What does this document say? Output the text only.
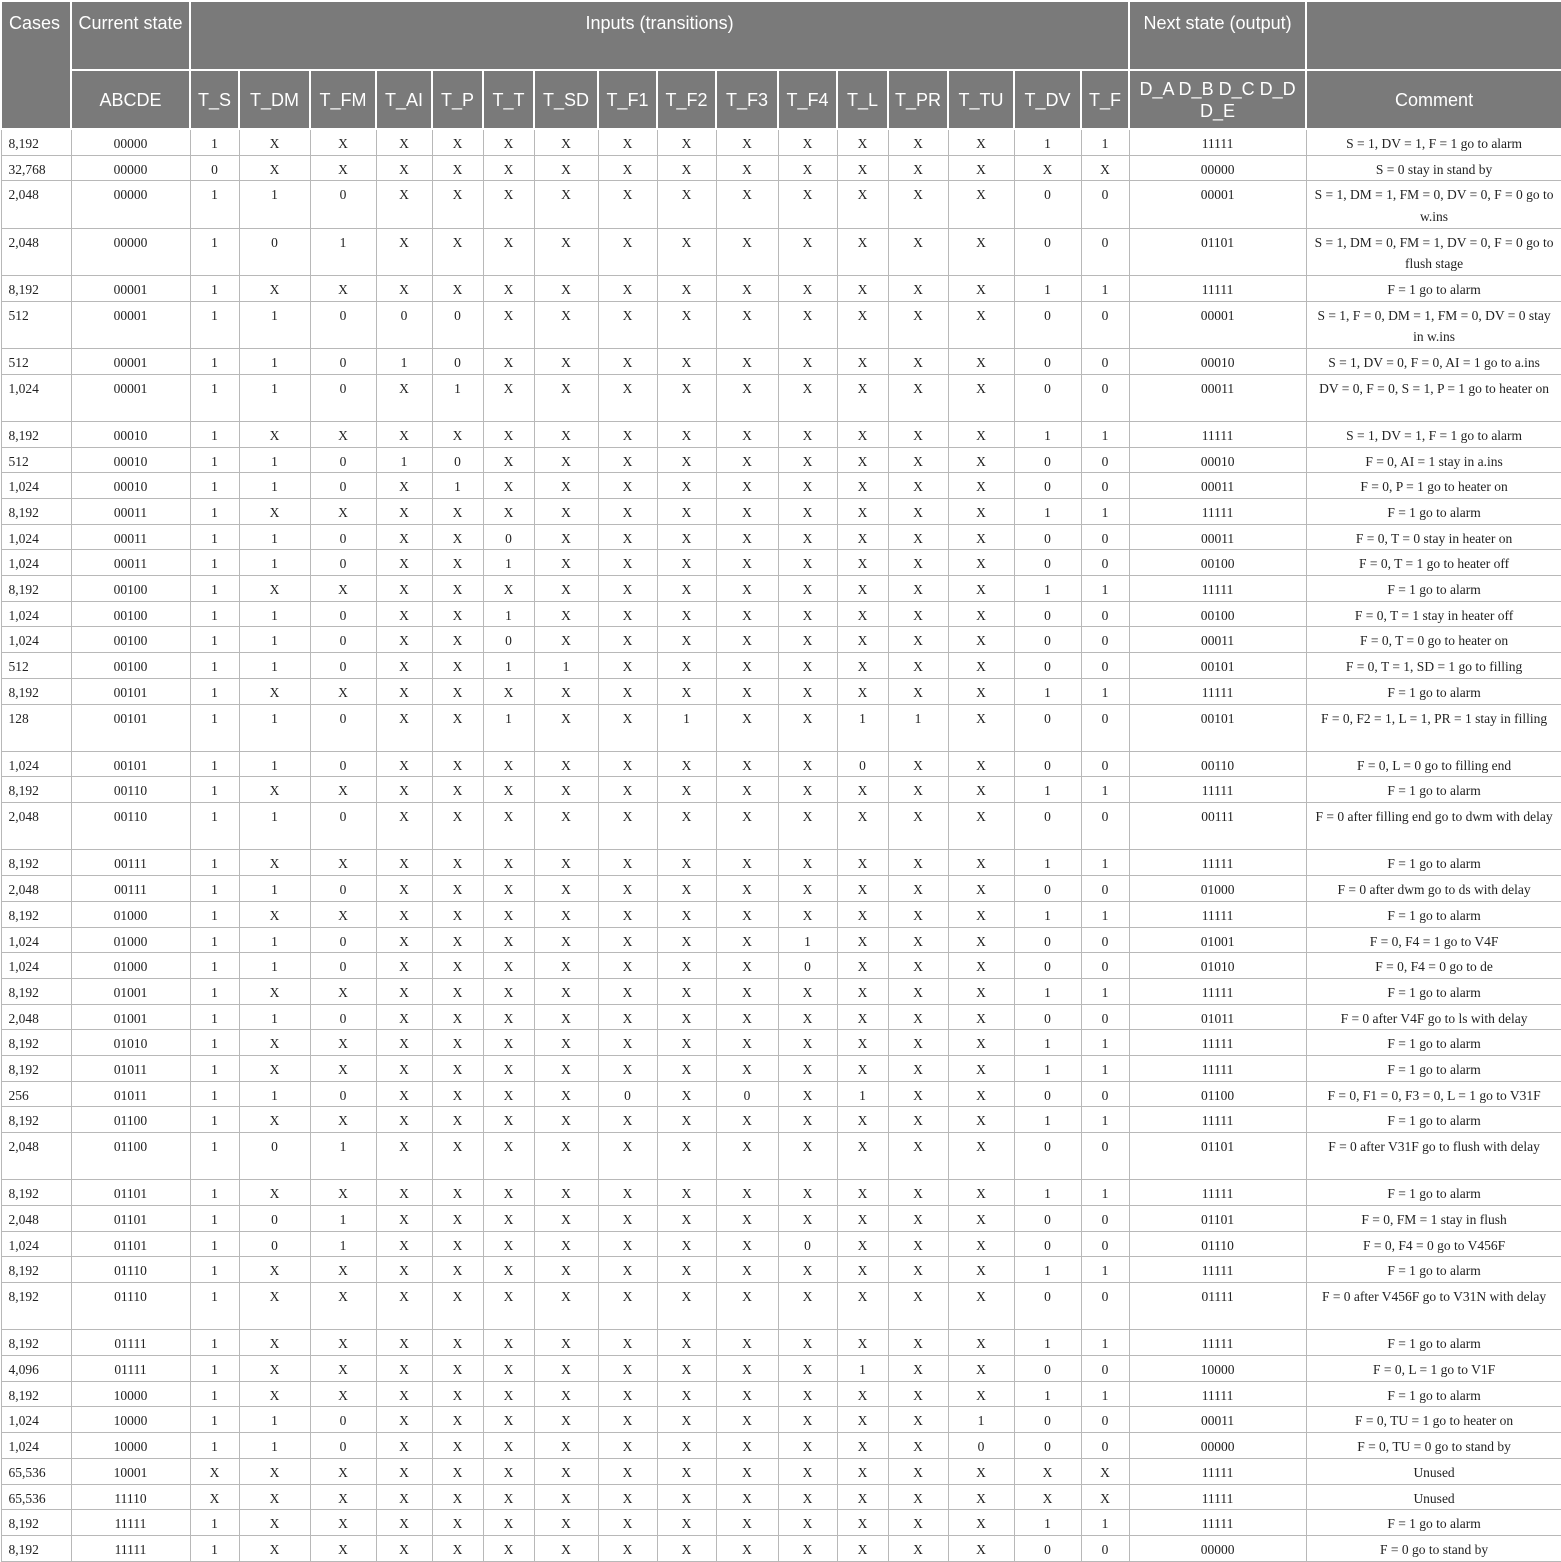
Cases	Current state	Inputs (transitions)																Next state (output)	
	ABCDE	T_S	T_DM	T_FM	T_AI	T_P	T_T	T_SD	T_F1	T_F2	T_F3	T_F4	T_L	T_PR	T_TU	T_DV	T_F	D_A D_B D_C D_D D_E	Comment
8,192	00000	1	X	X	X	X	X	X	X	X	X	X	X	X	X	1	1	11111	S = 1, DV = 1, F = 1 go to alarm
32,768	00000	0	X	X	X	X	X	X	X	X	X	X	X	X	X	X	X	00000	S = 0 stay in stand by
2,048	00000	1	1	0	X	X	X	X	X	X	X	X	X	X	X	0	0	00001	S = 1, DM = 1, FM = 0, DV = 0, F = 0 go to w.ins
2,048	00000	1	0	1	X	X	X	X	X	X	X	X	X	X	X	0	0	01101	S = 1, DM = 0, FM = 1, DV = 0, F = 0 go to flush stage
8,192	00001	1	X	X	X	X	X	X	X	X	X	X	X	X	X	1	1	11111	F = 1 go to alarm
512	00001	1	1	0	0	0	X	X	X	X	X	X	X	X	X	0	0	00001	S = 1, F = 0, DM = 1, FM = 0, DV = 0 stay in w.ins
512	00001	1	1	0	1	0	X	X	X	X	X	X	X	X	X	0	0	00010	S = 1, DV = 0, F = 0, AI = 1 go to a.ins
1,024	00001	1	1	0	X	1	X	X	X	X	X	X	X	X	X	0	0	00011	DV = 0, F = 0, S = 1, P = 1 go to heater on
8,192	00010	1	X	X	X	X	X	X	X	X	X	X	X	X	X	1	1	11111	S = 1, DV = 1, F = 1 go to alarm
512	00010	1	1	0	1	0	X	X	X	X	X	X	X	X	X	0	0	00010	F = 0, AI = 1 stay in a.ins
1,024	00010	1	1	0	X	1	X	X	X	X	X	X	X	X	X	0	0	00011	F = 0, P = 1 go to heater on
8,192	00011	1	X	X	X	X	X	X	X	X	X	X	X	X	X	1	1	11111	F = 1 go to alarm
1,024	00011	1	1	0	X	X	0	X	X	X	X	X	X	X	X	0	0	00011	F = 0, T = 0 stay in heater on
1,024	00011	1	1	0	X	X	1	X	X	X	X	X	X	X	X	0	0	00100	F = 0, T = 1 go to heater off
8,192	00100	1	X	X	X	X	X	X	X	X	X	X	X	X	X	1	1	11111	F = 1 go to alarm
1,024	00100	1	1	0	X	X	1	X	X	X	X	X	X	X	X	0	0	00100	F = 0, T = 1 stay in heater off
1,024	00100	1	1	0	X	X	0	X	X	X	X	X	X	X	X	0	0	00011	F = 0, T = 0 go to heater on
512	00100	1	1	0	X	X	1	1	X	X	X	X	X	X	X	0	0	00101	F = 0, T = 1, SD = 1 go to filling
8,192	00101	1	X	X	X	X	X	X	X	X	X	X	X	X	X	1	1	11111	F = 1 go to alarm
128	00101	1	1	0	X	X	1	X	X	1	X	X	1	1	X	0	0	00101	F = 0, F2 = 1, L = 1, PR = 1 stay in filling
1,024	00101	1	1	0	X	X	X	X	X	X	X	X	0	X	X	0	0	00110	F = 0, L = 0 go to filling end
8,192	00110	1	X	X	X	X	X	X	X	X	X	X	X	X	X	1	1	11111	F = 1 go to alarm
2,048	00110	1	1	0	X	X	X	X	X	X	X	X	X	X	X	0	0	00111	F = 0 after filling end go to dwm with delay
8,192	00111	1	X	X	X	X	X	X	X	X	X	X	X	X	X	1	1	11111	F = 1 go to alarm
2,048	00111	1	1	0	X	X	X	X	X	X	X	X	X	X	X	0	0	01000	F = 0 after dwm go to ds with delay
8,192	01000	1	X	X	X	X	X	X	X	X	X	X	X	X	X	1	1	11111	F = 1 go to alarm
1,024	01000	1	1	0	X	X	X	X	X	X	X	1	X	X	X	0	0	01001	F = 0, F4 = 1 go to V4F
1,024	01000	1	1	0	X	X	X	X	X	X	X	0	X	X	X	0	0	01010	F = 0, F4 = 0 go to de
8,192	01001	1	X	X	X	X	X	X	X	X	X	X	X	X	X	1	1	11111	F = 1 go to alarm
2,048	01001	1	1	0	X	X	X	X	X	X	X	X	X	X	X	0	0	01011	F = 0 after V4F go to ls with delay
8,192	01010	1	X	X	X	X	X	X	X	X	X	X	X	X	X	1	1	11111	F = 1 go to alarm
8,192	01011	1	X	X	X	X	X	X	X	X	X	X	X	X	X	1	1	11111	F = 1 go to alarm
256	01011	1	1	0	X	X	X	X	0	X	0	X	1	X	X	0	0	01100	F = 0, F1 = 0, F3 = 0, L = 1 go to V31F
8,192	01100	1	X	X	X	X	X	X	X	X	X	X	X	X	X	1	1	11111	F = 1 go to alarm
2,048	01100	1	0	1	X	X	X	X	X	X	X	X	X	X	X	0	0	01101	F = 0 after V31F go to flush with delay
8,192	01101	1	X	X	X	X	X	X	X	X	X	X	X	X	X	1	1	11111	F = 1 go to alarm
2,048	01101	1	0	1	X	X	X	X	X	X	X	X	X	X	X	0	0	01101	F = 0, FM = 1 stay in flush
1,024	01101	1	0	1	X	X	X	X	X	X	X	0	X	X	X	0	0	01110	F = 0, F4 = 0 go to V456F
8,192	01110	1	X	X	X	X	X	X	X	X	X	X	X	X	X	1	1	11111	F = 1 go to alarm
8,192	01110	1	X	X	X	X	X	X	X	X	X	X	X	X	X	0	0	01111	F = 0 after V456F go to V31N with delay
8,192	01111	1	X	X	X	X	X	X	X	X	X	X	X	X	X	1	1	11111	F = 1 go to alarm
4,096	01111	1	X	X	X	X	X	X	X	X	X	X	1	X	X	0	0	10000	F = 0, L = 1 go to V1F
8,192	10000	1	X	X	X	X	X	X	X	X	X	X	X	X	X	1	1	11111	F = 1 go to alarm
1,024	10000	1	1	0	X	X	X	X	X	X	X	X	X	X	1	0	0	00011	F = 0, TU = 1 go to heater on
1,024	10000	1	1	0	X	X	X	X	X	X	X	X	X	X	0	0	0	00000	F = 0, TU = 0 go to stand by
65,536	10001	X	X	X	X	X	X	X	X	X	X	X	X	X	X	X	X	11111	Unused
65,536	11110	X	X	X	X	X	X	X	X	X	X	X	X	X	X	X	X	11111	Unused
8,192	11111	1	X	X	X	X	X	X	X	X	X	X	X	X	X	1	1	11111	F = 1 go to alarm
8,192	11111	1	X	X	X	X	X	X	X	X	X	X	X	X	X	0	0	00000	F = 0 go to stand by
